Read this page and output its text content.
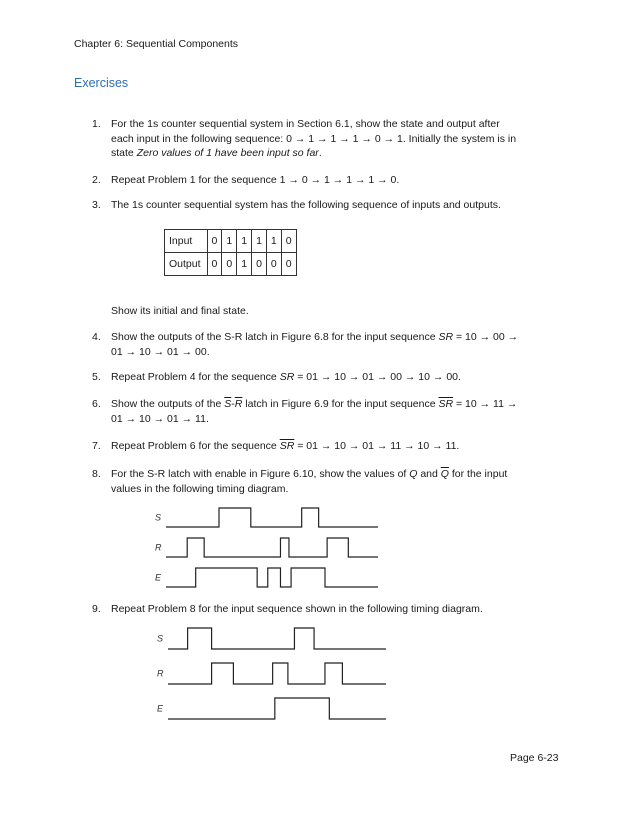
Chapter 6: Sequential Components
Exercises
1. For the 1s counter sequential system in Section 6.1, show the state and output after
each input in the following sequence: 0 → 1 → 1 → 1 → 0 → 1. Initially the system is in
state Zero values of 1 have been input so far.
2. Repeat Problem 1 for the sequence 1 → 0 → 1 → 1 → 1 → 0.
3. The 1s counter sequential system has the following sequence of inputs and outputs.
Input	0	1	1	1	1	0
Output	0	0	1	0	0	0
Show its initial and final state.
4. Show the outputs of the S-R latch in Figure 6.8 for the input sequence SR = 10 → 00 →
01 → 10 → 01 → 00.
5. Repeat Problem 4 for the sequence SR = 01 → 10 → 01 → 00 → 10 → 00.
6. Show the outputs of the $\overline{S}-\overline{R}$ latch in Figure 6.9 for the input sequence $\overline{SR} = 10 \to 11$ →
01 → 10 → 01 → 11.
7. Repeat Problem 6 for the sequence $\overline{SR} = 01 \to 10 \to 01 \to 11 \to 10 \to 11$.
8. For the S-R latch with enable in Figure 6.10, show the values of Q and $\overline{Q}$ for the input
values in the following timing diagram.
9. Repeat Problem 8 for the input sequence shown in the following timing diagram.
S
R
E
S
R
E
Page 6-23
